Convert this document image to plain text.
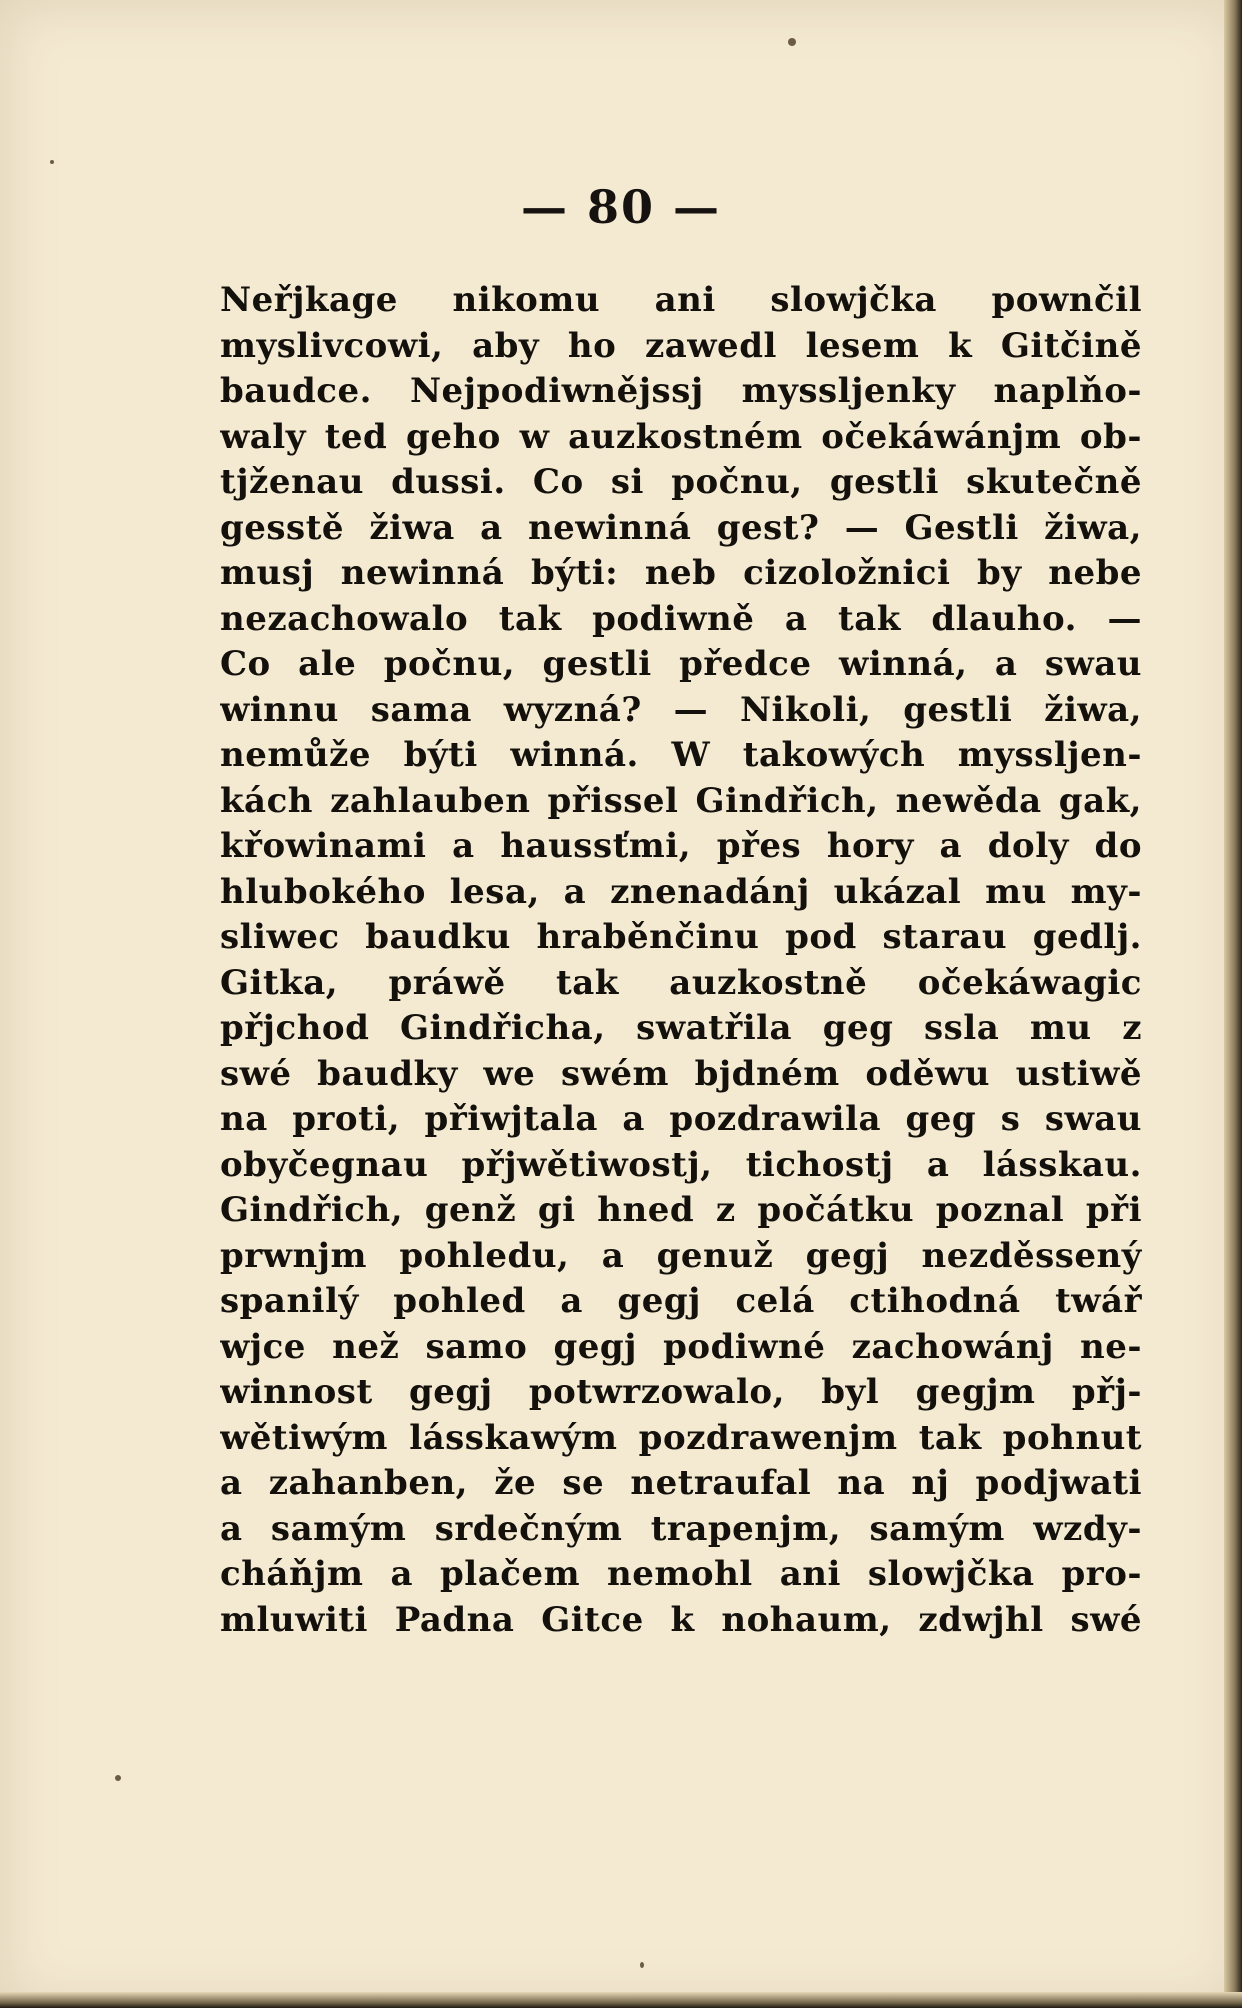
— 80 —
Neřjkage nikomu ani slowjčka pownčil
myslivcowi, aby ho zawedl lesem k Gitčině
baudce. Nejpodiwnějssj myssljenky naplňo-
waly ted geho w auzkostném očekáwánjm ob-
tjženau dussi. Co si počnu, gestli skutečně
gesstě žiwa a newinná gest? — Gestli žiwa,
musj newinná býti: neb cizoložnici by nebe
nezachowalo tak podiwně a tak dlauho. —
Co ale počnu, gestli předce winná, a swau
winnu sama wyzná? — Nikoli, gestli žiwa,
nemůže býti winná. W takowých myssljen-
kách zahlauben přissel Gindřich, newěda gak,
křowinami a haussťmi, přes hory a doly do
hlubokého lesa, a znenadánj ukázal mu my-
sliwec baudku hraběnčinu pod starau gedlj.
Gitka, práwě tak auzkostně očekáwagic
přjchod Gindřicha, swatřila geg ssla mu z
swé baudky we swém bjdném oděwu ustiwě
na proti, přiwjtala a pozdrawila geg s swau
obyčegnau přjwětiwostj, tichostj a lásskau.
Gindřich, genž gi hned z počátku poznal při
prwnjm pohledu, a genuž gegj nezděssený
spanilý pohled a gegj celá ctihodná twář
wjce než samo gegj podiwné zachowánj ne-
winnost gegj potwrzowalo, byl gegjm přj-
wětiwým lásskawým pozdrawenjm tak pohnut
a zahanben, že se netraufal na nj podjwati
a samým srdečným trapenjm, samým wzdy-
cháňjm a plačem nemohl ani slowjčka pro-
mluwiti Padna Gitce k nohaum, zdwjhl swé
